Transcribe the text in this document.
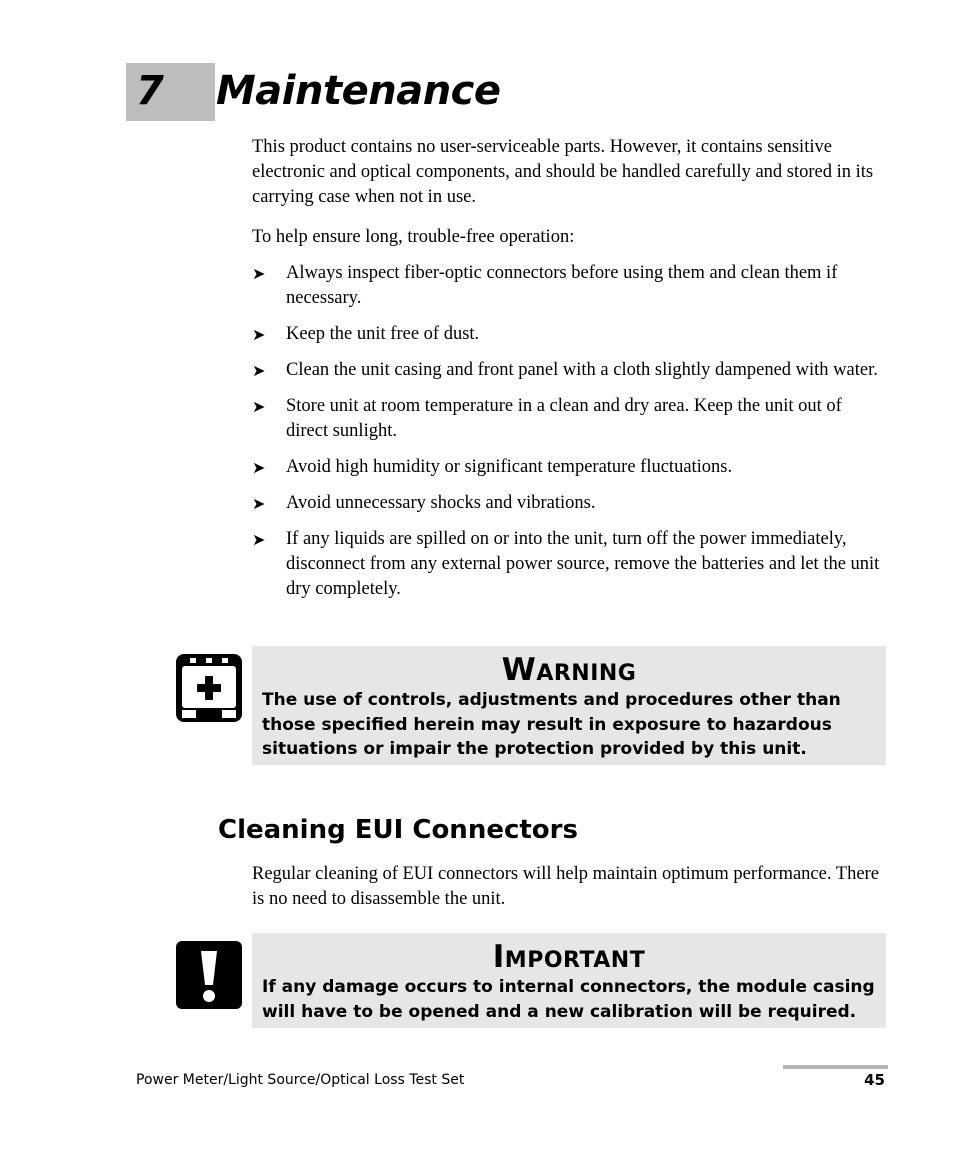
7 Maintenance

This product contains no user-serviceable parts. However, it contains sensitive electronic and optical components, and should be handled carefully and stored in its carrying case when not in use.

To help ensure long, trouble-free operation:

➤ Always inspect fiber-optic connectors before using them and clean them if necessary.
➤ Keep the unit free of dust.
➤ Clean the unit casing and front panel with a cloth slightly dampened with water.
➤ Store unit at room temperature in a clean and dry area. Keep the unit out of direct sunlight.
➤ Avoid high humidity or significant temperature fluctuations.
➤ Avoid unnecessary shocks and vibrations.
➤ If any liquids are spilled on or into the unit, turn off the power immediately, disconnect from any external power source, remove the batteries and let the unit dry completely.

Warning

The use of controls, adjustments and procedures other than those specified herein may result in exposure to hazardous situations or impair the protection provided by this unit.

Cleaning EUI Connectors

Regular cleaning of EUI connectors will help maintain optimum performance. There is no need to disassemble the unit.

Important

If any damage occurs to internal connectors, the module casing will have to be opened and a new calibration will be required.

Power Meter/Light Source/Optical Loss Test Set	45
